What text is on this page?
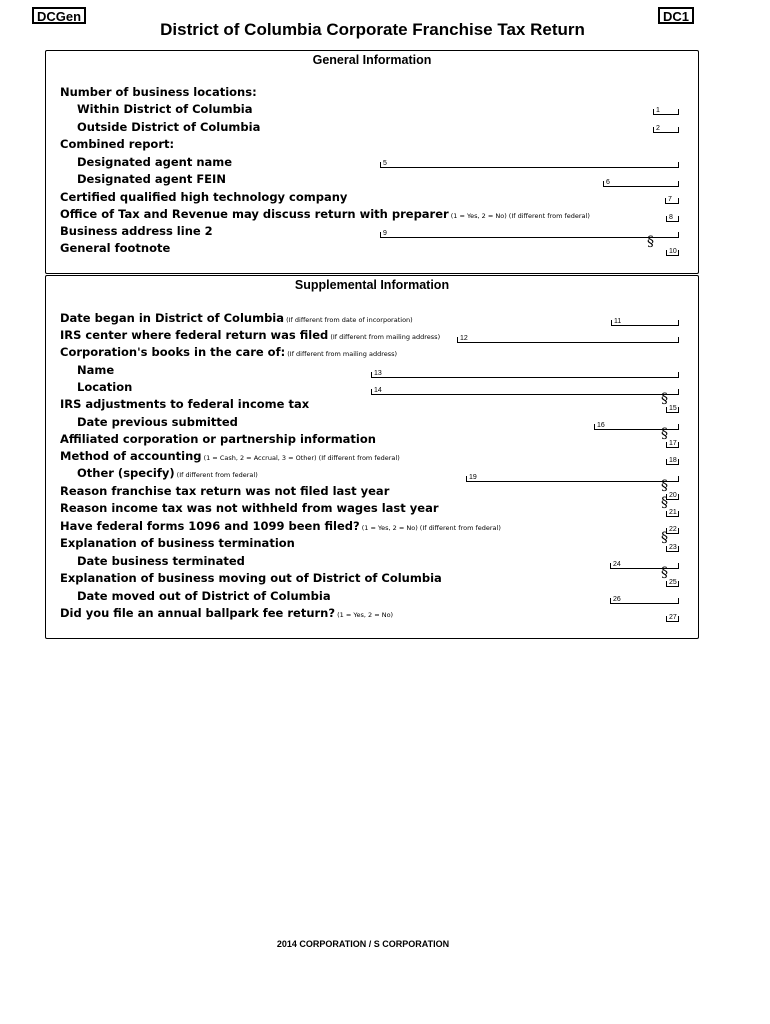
DCGen	DC1
District of Columbia Corporate Franchise Tax Return
General Information
Number of business locations:
Within District of Columbia	1
Outside District of Columbia	2
Combined report:
Designated agent name	5
Designated agent FEIN	6
Certified qualified high technology company	7
Office of Tax and Revenue may discuss return with preparer (1 = Yes, 2 = No) (If different from federal)	8
Business address line 2	9
General footnote	10
§
Supplemental Information
Date began in District of Columbia (If different from date of incorporation)	11
IRS center where federal return was filed (If different from mailing address)	12
Corporation's books in the care of: (If different from mailing address)
Name	13
Location	14
IRS adjustments to federal income tax	15
§
Date previous submitted	16
Affiliated corporation or partnership information	17
§
Method of accounting (1 = Cash, 2 = Accrual, 3 = Other) (If different from federal)	18
Other (specify) (If different from federal)	19
Reason franchise tax return was not filed last year	20
§
Reason income tax was not withheld from wages last year	21
§
Have federal forms 1096 and 1099 been filed? (1 = Yes, 2 = No) (If different from federal)	22
Explanation of business termination	23
§
Date business terminated	24
Explanation of business moving out of District of Columbia	25
§
Date moved out of District of Columbia	26
Did you file an annual ballpark fee return? (1 = Yes, 2 = No)	27
2014 CORPORATION / S CORPORATION
